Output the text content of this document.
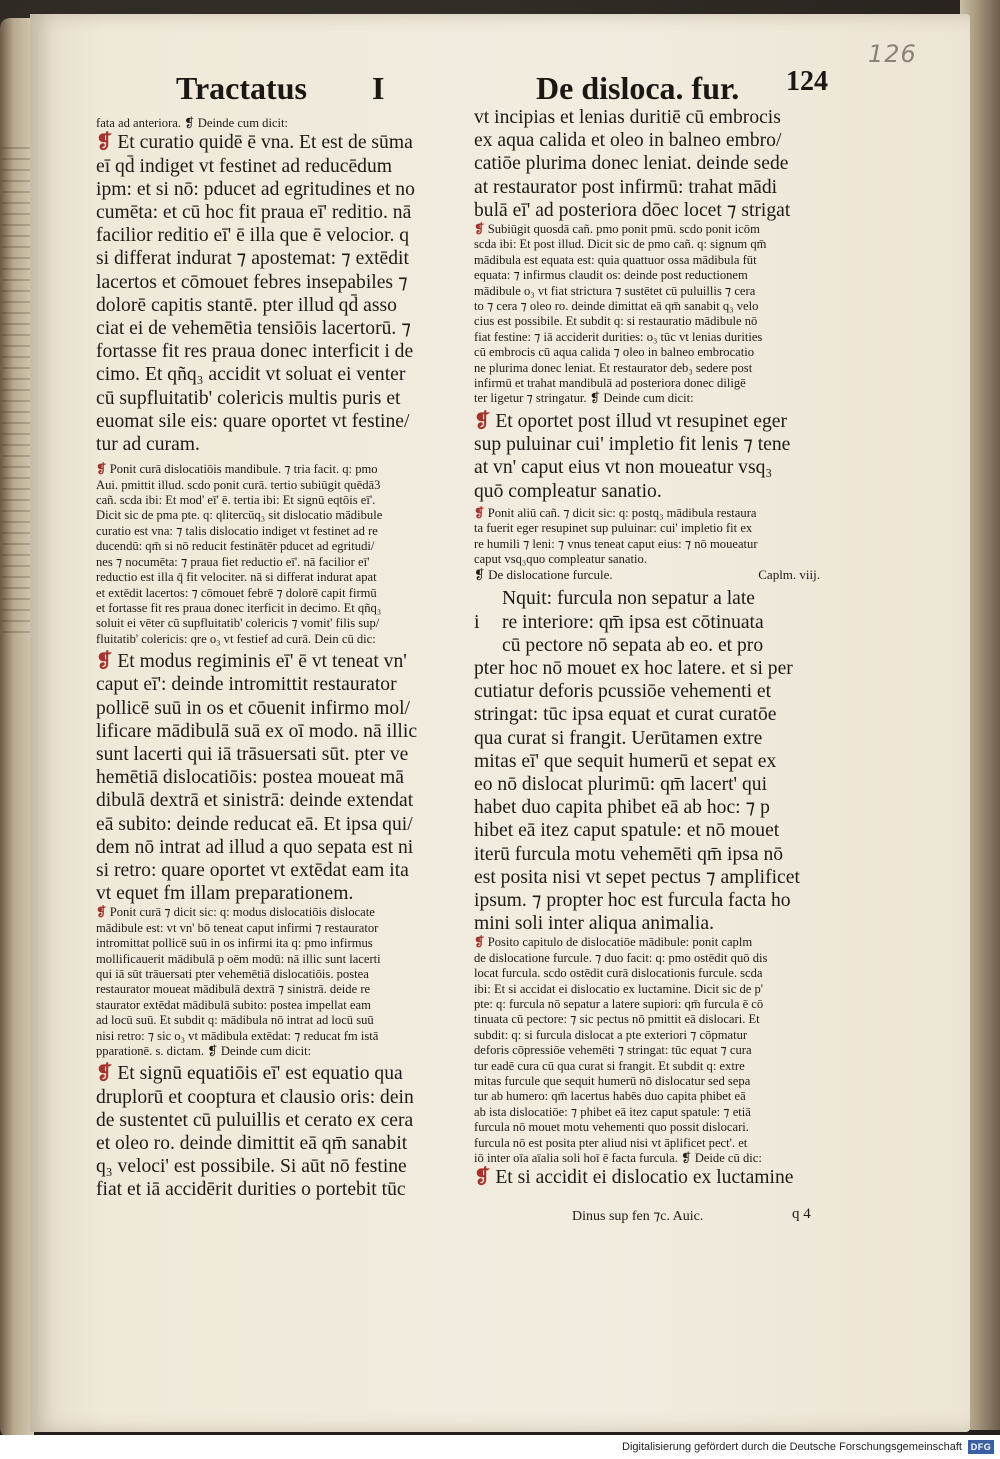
126
Tractatus I	De disloca. fur. 124
fata ad anteriora. ❡ Deinde cum dicit:
❡ Et curatio quidē ē vna. Et est de sūma
eī qd̄ indiget vt festinet ad reducēdum
ipm: et si nō: pducet ad egritudines et no
cumēta: et cū hoc fit praua eī' reditio. nā
facilior reditio eī' ē illa que ē velocior. q
si differat indurat ⁊ apostemat: ⁊ extēdit
lacertos et cōmouet febres insepabiles ⁊
dolorē capitis stantē. pter illud qd̄ asso
ciat ei de vehemētia tensiōis lacertorū. ⁊
fortasse fit res praua donec interficit i de
cimo. Et qñq₃ accidit vt soluat ei venter
cū supfluitatib' colericis multis puris et
euomat sile eis: quare oportet vt festine/
tur ad curam.
❡ Ponit curā dislocatiōis mandibule. ⁊ tria facit. q: pmo
Aui. pmittit illud. scdo ponit curā. tertio subiūgit quēdā3
cañ. scda ibi: Et mod' eī' ē. tertia ibi: Et signū eqtōis eī'.
Dicit sic de pma pte. q: qlitercūq₃ sit dislocatio mādibule
curatio est vna: ⁊ talis dislocatio indiget vt festinet ad re
ducendū: qm̄ si nō reducit festinātēr pducet ad egritudi/
nes ⁊ nocumēta: ⁊ praua fiet reductio eī'. nā facilior eī'
reductio est illa q̄ fit velociter. nā si differat indurat apat
et extēdit lacertos: ⁊ cōmouet febrē ⁊ dolorē capit firmū
et fortasse fit res praua donec iterficit in decimo. Et qñq₃
soluit ei vēter cū supfluitatib' colericis ⁊ vomit' filis sup/
fluitatib' colericis: qre o₃ vt festief ad curā. Dein cū dic:
❡ Et modus regiminis eī' ē vt teneat vn'
caput eī': deinde intromittit restaurator
pollicē suū in os et cōuenit infirmo mol/
lificare mādibulā suā ex oī modo. nā illic
sunt lacerti qui iā trāsuersati sūt. pter ve
hemētiā dislocatiōis: postea moueat mā
dibulā dextrā et sinistrā: deinde extendat
eā subito: deinde reducat eā. Et ipsa qui/
dem nō intrat ad illud a quo sepata est ni
si retro: quare oportet vt extēdat eam ita
vt equet fm illam preparationem.
❡ Ponit curā ⁊ dicit sic: q: modus dislocatiōis dislocate
mādibule est: vt vn' bō teneat caput infirmi ⁊ restaurator
intromittat pollicē suū in os infirmi ita q: pmo infirmus
mollificauerit mādibulā p oēm modū: nā illic sunt lacerti
qui iā sūt trāuersati pter vehemētiā dislocatiōis. postea
restaurator moueat mādibulā dextrā ⁊ sinistrā. deide re
staurator extēdat mādibulā subito: postea impellat eam
ad locū suū. Et subdit q: mādibula nō intrat ad locū suū
nisi retro: ⁊ sic o₃ vt mādibula extēdat: ⁊ reducat fm istā
pparationē. s. dictam. ❡ Deinde cum dicit:
❡ Et signū equatiōis eī' est equatio qua
druplorū et cooptura et clausio oris: dein
de sustentet cū puluillis et cerato ex cera
et oleo ro. deinde dimittit eā qm̄ sanabit
q₃ veloci' est possibile. Si aūt nō festine
fiat et iā accidērit durities o portebit tūc
vt incipias et lenias duritiē cū embrocis
ex aqua calida et oleo in balneo embro/
catiōe plurima donec leniat. deinde sede
at restaurator post infirmū: trahat mādi
bulā eī' ad posteriora dōec locet ⁊ strigat
❡ Subiūgit quosdā cañ. pmo ponit pmū. scdo ponit icōm
scda ibi: Et post illud. Dicit sic de pmo cañ. q: signum qm̄
mādibula est equata est: quia quattuor ossa mādibula fūt
equata: ⁊ infirmus claudit os: deinde post reductionem
mādibule o₃ vt fiat strictura ⁊ sustētet cū puluillis ⁊ cera
to ⁊ cera ⁊ oleo ro. deinde dimittat eā qm̄ sanabit q₃ velo
cius est possibile. Et subdit q: si restauratio mādibule nō
fiat festine: ⁊ iā acciderit durities: o₃ tūc vt lenias durities
cū embrocis cū aqua calida ⁊ oleo in balneo embrocatio
ne plurima donec leniat. Et restaurator deb₃ sedere post
infirmū et trahat mandibulā ad posteriora donec diligē
ter ligetur ⁊ stringatur. ❡ Deinde cum dicit:
❡ Et oportet post illud vt resupinet eger
sup puluinar cui' impletio fit lenis ⁊ tene
at vn' caput eius vt non moueatur vsq₃
quō compleatur sanatio.
❡ Ponit aliū cañ. ⁊ dicit sic: q: postq₃ mādibula restaura
ta fuerit eger resupinet sup puluinar: cui' impletio fit ex
re humili ⁊ leni: ⁊ vnus teneat caput eius: ⁊ nō moueatur
caput vsq₃quo compleatur sanatio.
❡ De dislocatione furcule.	Caplm. viij.
Nquit: furcula non sepatur a late
i re interiore: qm̄ ipsa est cōtinuata
cū pectore nō sepata ab eo. et pro
pter hoc nō mouet ex hoc latere. et si per
cutiatur deforis pcussiōe vehementi et
stringat: tūc ipsa equat et curat curatōe
qua curat si frangit. Uerūtamen extre
mitas eī' que sequit humerū et sepat ex
eo nō dislocat plurimū: qm̄ lacert' qui
habet duo capita phibet eā ab hoc: ⁊ p
hibet eā itez caput spatule: et nō mouet
iterū furcula motu vehemēti qm̄ ipsa nō
est posita nisi vt sepet pectus ⁊ amplificet
ipsum. ⁊ propter hoc est furcula facta ho
mini soli inter aliqua animalia.
❡ Posito capitulo de dislocatiōe mādibule: ponit caplm
de dislocatione furcule. ⁊ duo facit: q: pmo ostēdit quō dis
locat furcula. scdo ostēdit curā dislocationis furcule. scda
ibi: Et si accidat ei dislocatio ex luctamine. Dicit sic de p'
pte: q: furcula nō sepatur a latere supiori: qm̄ furcula ē cō
tinuata cū pectore: ⁊ sic pectus nō pmittit eā dislocari. Et
subdit: q: si furcula dislocat a pte exteriori ⁊ cōpmatur
deforis cōpressiōe vehemēti ⁊ stringat: tūc equat ⁊ cura
tur eadē cura cū qua curat si frangit. Et subdit q: extre
mitas furcule que sequit humerū nō dislocatur sed sepa
tur ab humero: qm̄ lacertus habēs duo capita phibet eā
ab ista dislocatiōe: ⁊ phibet eā itez caput spatule: ⁊ etiā
furcula nō mouet motu vehementi quo possit dislocari.
furcula nō est posita pter aliud nisi vt āplificet pect'. et
iō inter oīa aīalia soli hoī ē facta furcula. ❡ Deide cū dic:
❡ Et si accidit ei dislocatio ex luctamine
Dinus sup fen ⁊c. Auic.	q 4
Digitalisierung gefördert durch die Deutsche Forschungsgemeinschaft DFG
